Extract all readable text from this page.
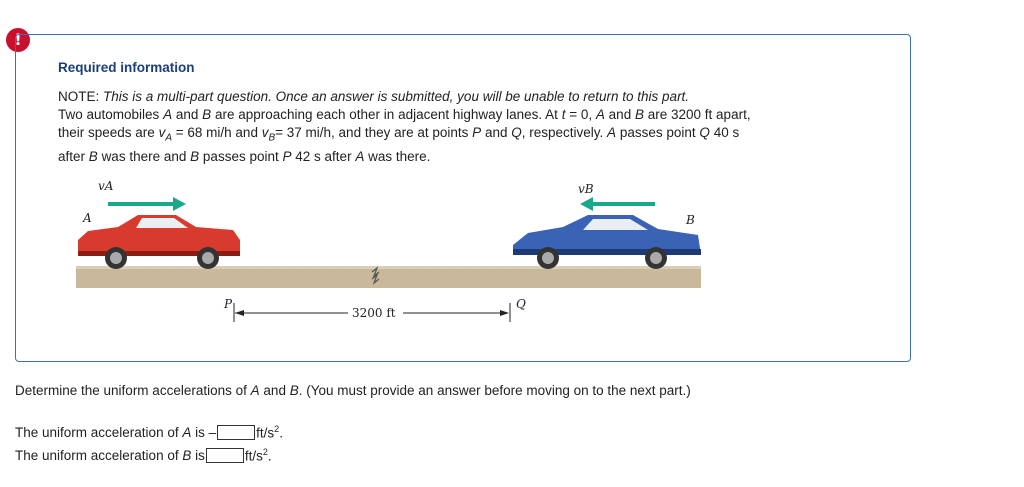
!
Required information
NOTE: This is a multi-part question. Once an answer is submitted, you will be unable to return to this part.
Two automobiles A and B are approaching each other in adjacent highway lanes. At t = 0, A and B are 3200 ft apart,
their speeds are $v_A = 68$ mi/h and $v_B= 37$ mi/h, and they are at points P and Q, respectively. A passes point Q 40 s
after B was there and B passes point P 42 s after A was there.
vA	vB
A	B
P	Q
3200 ft
Determine the uniform accelerations of A and B. (You must provide an answer before moving on to the next part.)
The uniform acceleration of
A
is –	$ft/s^2$.
The uniform acceleration of
B
is	$ft/s^2$.
